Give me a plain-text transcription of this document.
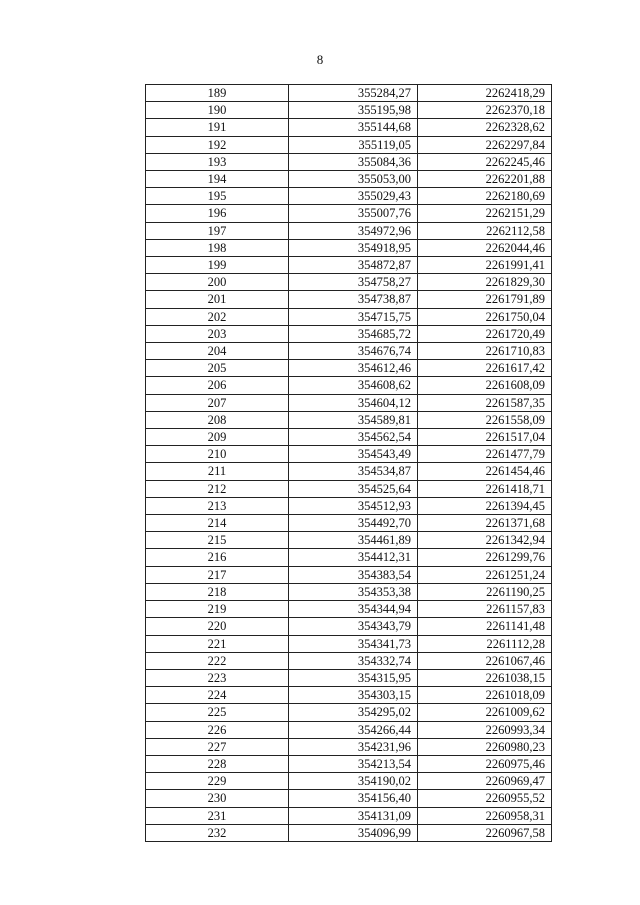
8
189	355284,27	2262418,29
190	355195,98	2262370,18
191	355144,68	2262328,62
192	355119,05	2262297,84
193	355084,36	2262245,46
194	355053,00	2262201,88
195	355029,43	2262180,69
196	355007,76	2262151,29
197	354972,96	2262112,58
198	354918,95	2262044,46
199	354872,87	2261991,41
200	354758,27	2261829,30
201	354738,87	2261791,89
202	354715,75	2261750,04
203	354685,72	2261720,49
204	354676,74	2261710,83
205	354612,46	2261617,42
206	354608,62	2261608,09
207	354604,12	2261587,35
208	354589,81	2261558,09
209	354562,54	2261517,04
210	354543,49	2261477,79
211	354534,87	2261454,46
212	354525,64	2261418,71
213	354512,93	2261394,45
214	354492,70	2261371,68
215	354461,89	2261342,94
216	354412,31	2261299,76
217	354383,54	2261251,24
218	354353,38	2261190,25
219	354344,94	2261157,83
220	354343,79	2261141,48
221	354341,73	2261112,28
222	354332,74	2261067,46
223	354315,95	2261038,15
224	354303,15	2261018,09
225	354295,02	2261009,62
226	354266,44	2260993,34
227	354231,96	2260980,23
228	354213,54	2260975,46
229	354190,02	2260969,47
230	354156,40	2260955,52
231	354131,09	2260958,31
232	354096,99	2260967,58
